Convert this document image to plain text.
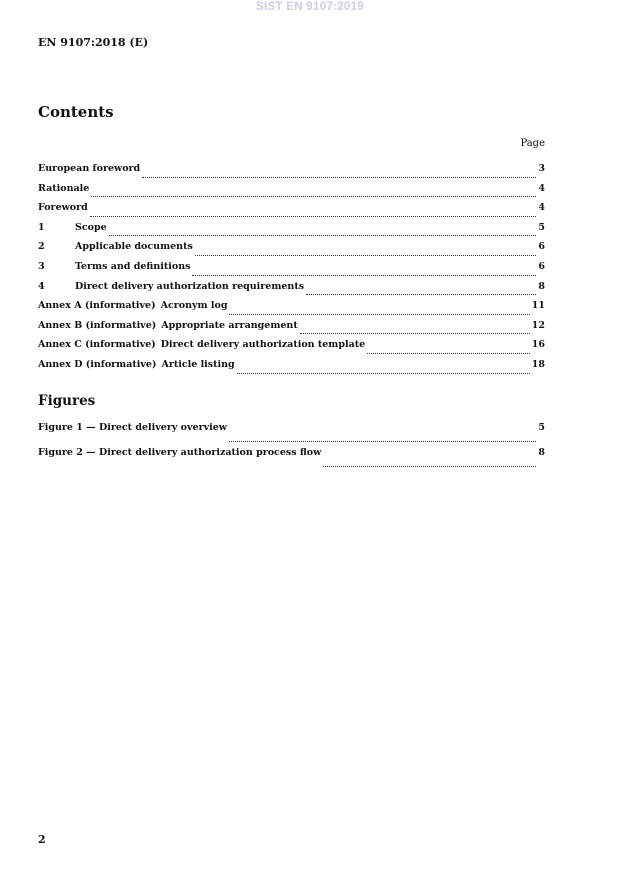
SIST EN 9107:2019
EN 9107:2018 (E)
Contents
Page
European foreword	3
Rationale	4
Foreword	4
1	Scope	5
2	Applicable documents	6
3	Terms and definitions	6
4	Direct delivery authorization requirements	8
Annex A (informative) Acronym log	11
Annex B (informative) Appropriate arrangement	12
Annex C (informative) Direct delivery authorization template	16
Annex D (informative) Article listing	18
Figures
Figure 1 — Direct delivery overview	5
Figure 2 — Direct delivery authorization process flow	8
2
